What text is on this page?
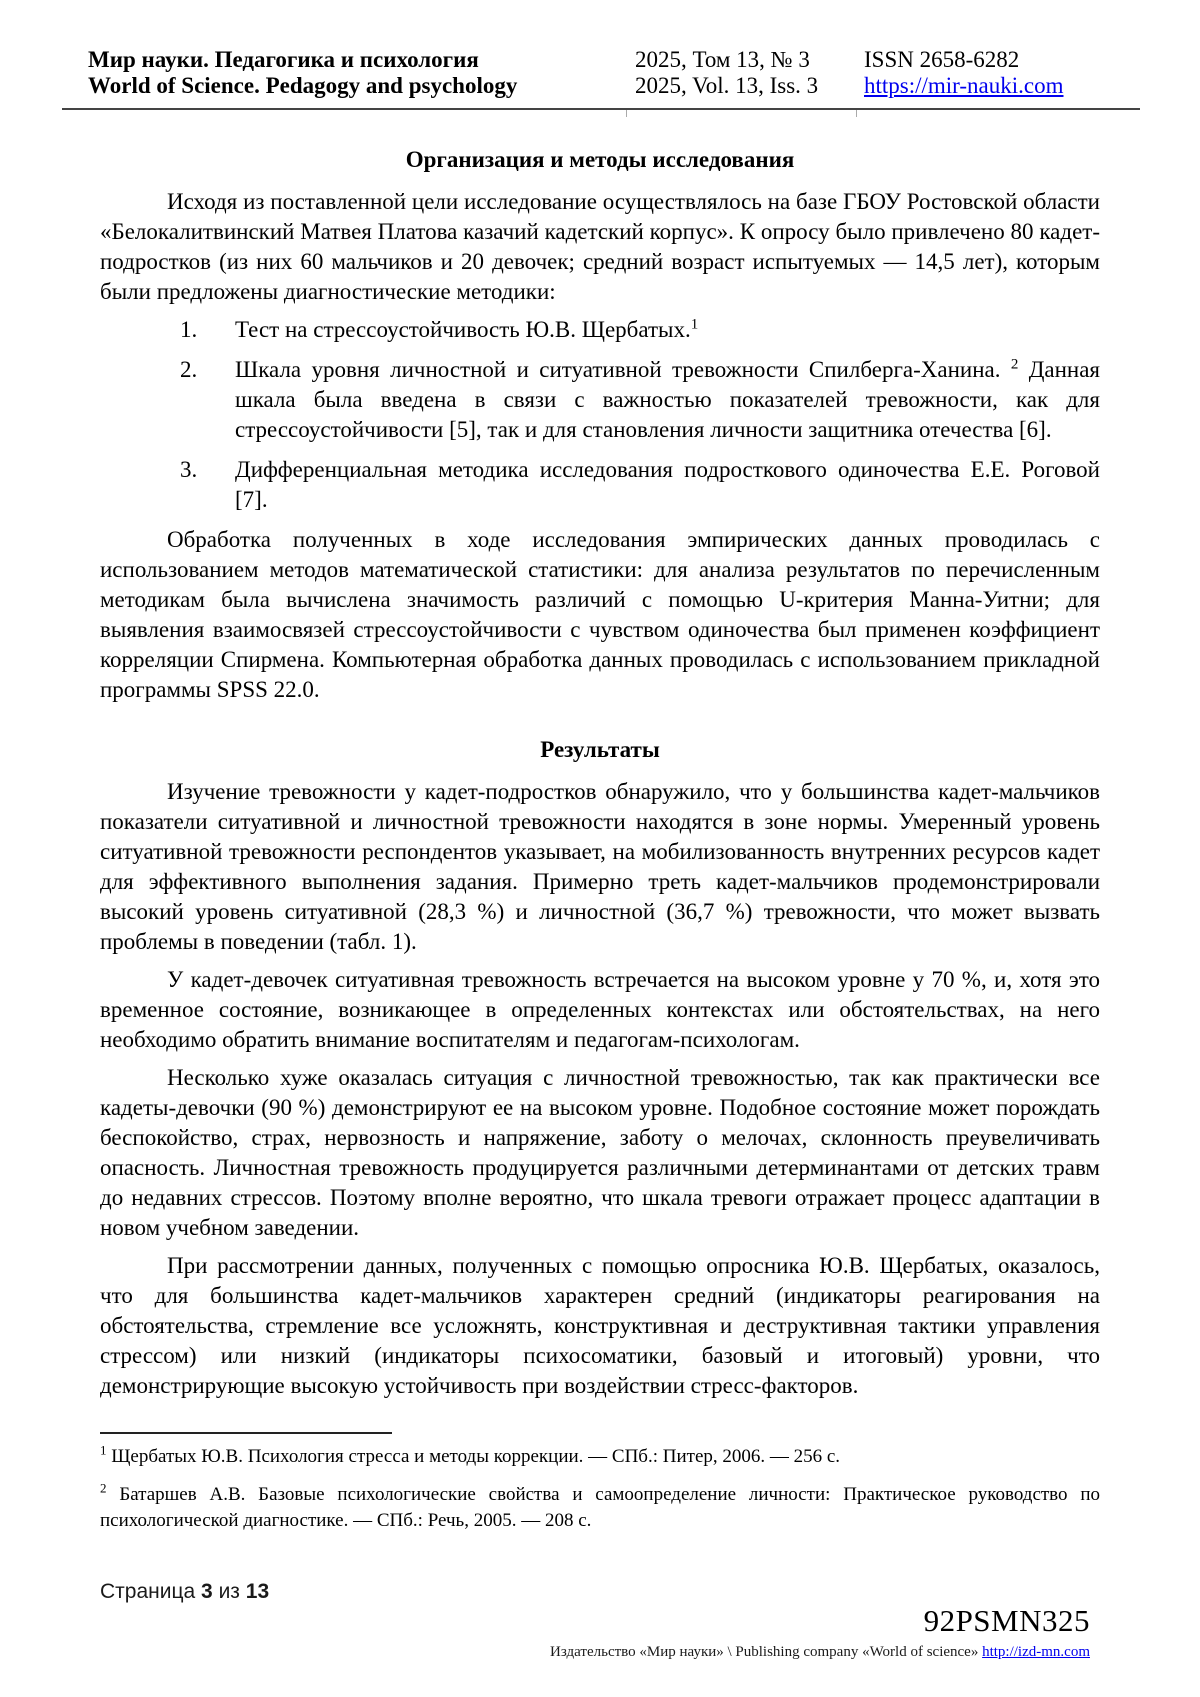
Мир науки. Педагогика и психология
World of Science. Pedagogy and psychology
2025, Том 13, № 3
2025, Vol. 13, Iss. 3
ISSN 2658-6282
https://mir-nauki.com
Организация и методы исследования

Исходя из поставленной цели исследование осуществлялось на базе ГБОУ Ростовской области «Белокалитвинский Матвея Платова казачий кадетский корпус». К опросу было привлечено 80 кадет-подростков (из них 60 мальчиков и 20 девочек; средний возраст испытуемых — 14,5 лет), которым были предложены диагностические методики:

1.	Тест на стрессоустойчивость Ю.В. Щербатых.$^1$
2.	Шкала уровня личностной и ситуативной тревожности Спилберга-Ханина. $^2$ Данная шкала была введена в связи с важностью показателей тревожности, как для стрессоустойчивости [5], так и для становления личности защитника отечества [6].
3.	Дифференциальная методика исследования подросткового одиночества Е.Е. Роговой [7].

Обработка полученных в ходе исследования эмпирических данных проводилась с использованием методов математической статистики: для анализа результатов по перечисленным методикам была вычислена значимость различий с помощью U-критерия Манна-Уитни; для выявления взаимосвязей стрессоустойчивости с чувством одиночества был применен коэффициент корреляции Спирмена. Компьютерная обработка данных проводилась с использованием прикладной программы SPSS 22.0.

Результаты

Изучение тревожности у кадет-подростков обнаружило, что у большинства кадет-мальчиков показатели ситуативной и личностной тревожности находятся в зоне нормы. Умеренный уровень ситуативной тревожности респондентов указывает, на мобилизованность внутренних ресурсов кадет для эффективного выполнения задания. Примерно треть кадет-мальчиков продемонстрировали высокий уровень ситуативной (28,3 %) и личностной (36,7 %) тревожности, что может вызвать проблемы в поведении (табл. 1).

У кадет-девочек ситуативная тревожность встречается на высоком уровне у 70 %, и, хотя это временное состояние, возникающее в определенных контекстах или обстоятельствах, на него необходимо обратить внимание воспитателям и педагогам-психологам.

Несколько хуже оказалась ситуация с личностной тревожностью, так как практически все кадеты-девочки (90 %) демонстрируют ее на высоком уровне. Подобное состояние может порождать беспокойство, страх, нервозность и напряжение, заботу о мелочах, склонность преувеличивать опасность. Личностная тревожность продуцируется различными детерминантами от детских травм до недавних стрессов. Поэтому вполне вероятно, что шкала тревоги отражает процесс адаптации в новом учебном заведении.

При рассмотрении данных, полученных с помощью опросника Ю.В. Щербатых, оказалось, что для большинства кадет-мальчиков характерен средний (индикаторы реагирования на обстоятельства, стремление все усложнять, конструктивная и деструктивная тактики управления стрессом) или низкий (индикаторы психосоматики, базовый и итоговый) уровни, что демонстрирующие высокую устойчивость при воздействии стресс-факторов.

$^1$ Щербатых Ю.В. Психология стресса и методы коррекции. — СПб.: Питер, 2006. — 256 с.

$^2$ Батаршев А.В. Базовые психологические свойства и самоопределение личности: Практическое руководство по психологической диагностике. — СПб.: Речь, 2005. — 208 с.

Страница 3 из 13
92PSMN325
Издательство «Мир науки» \ Publishing company «World of science» http://izd-mn.com
